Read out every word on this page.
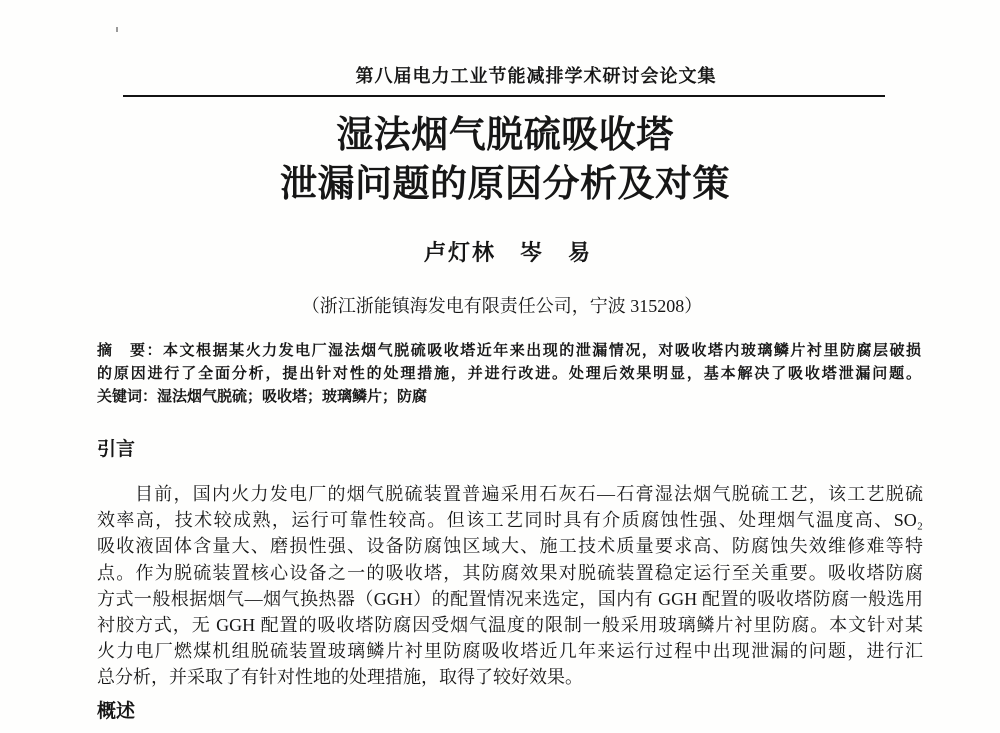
第八届电力工业节能减排学术研讨会论文集
湿法烟气脱硫吸收塔
泄漏问题的原因分析及对策
卢灯林　岑　易
（浙江浙能镇海发电有限责任公司，宁波 315208）
摘　要：本文根据某火力发电厂湿法烟气脱硫吸收塔近年来出现的泄漏情况，对吸收塔内玻璃鳞片衬里防腐层破损
的原因进行了全面分析，提出针对性的处理措施，并进行改进。处理后效果明显，基本解决了吸收塔泄漏问题。
关键词：湿法烟气脱硫；吸收塔；玻璃鳞片；防腐
引言
目前，国内火力发电厂的烟气脱硫装置普遍采用石灰石—石膏湿法烟气脱硫工艺，该工艺脱硫
效率高，技术较成熟，运行可靠性较高。但该工艺同时具有介质腐蚀性强、处理烟气温度高、SO₂
吸收液固体含量大、磨损性强、设备防腐蚀区域大、施工技术质量要求高、防腐蚀失效维修难等特
点。作为脱硫装置核心设备之一的吸收塔，其防腐效果对脱硫装置稳定运行至关重要。吸收塔防腐
方式一般根据烟气—烟气换热器（GGH）的配置情况来选定，国内有 GGH 配置的吸收塔防腐一般选用
衬胶方式，无 GGH 配置的吸收塔防腐因受烟气温度的限制一般采用玻璃鳞片衬里防腐。本文针对某
火力电厂燃煤机组脱硫装置玻璃鳞片衬里防腐吸收塔近几年来运行过程中出现泄漏的问题，进行汇
总分析，并采取了有针对性地的处理措施，取得了较好效果。
概述
